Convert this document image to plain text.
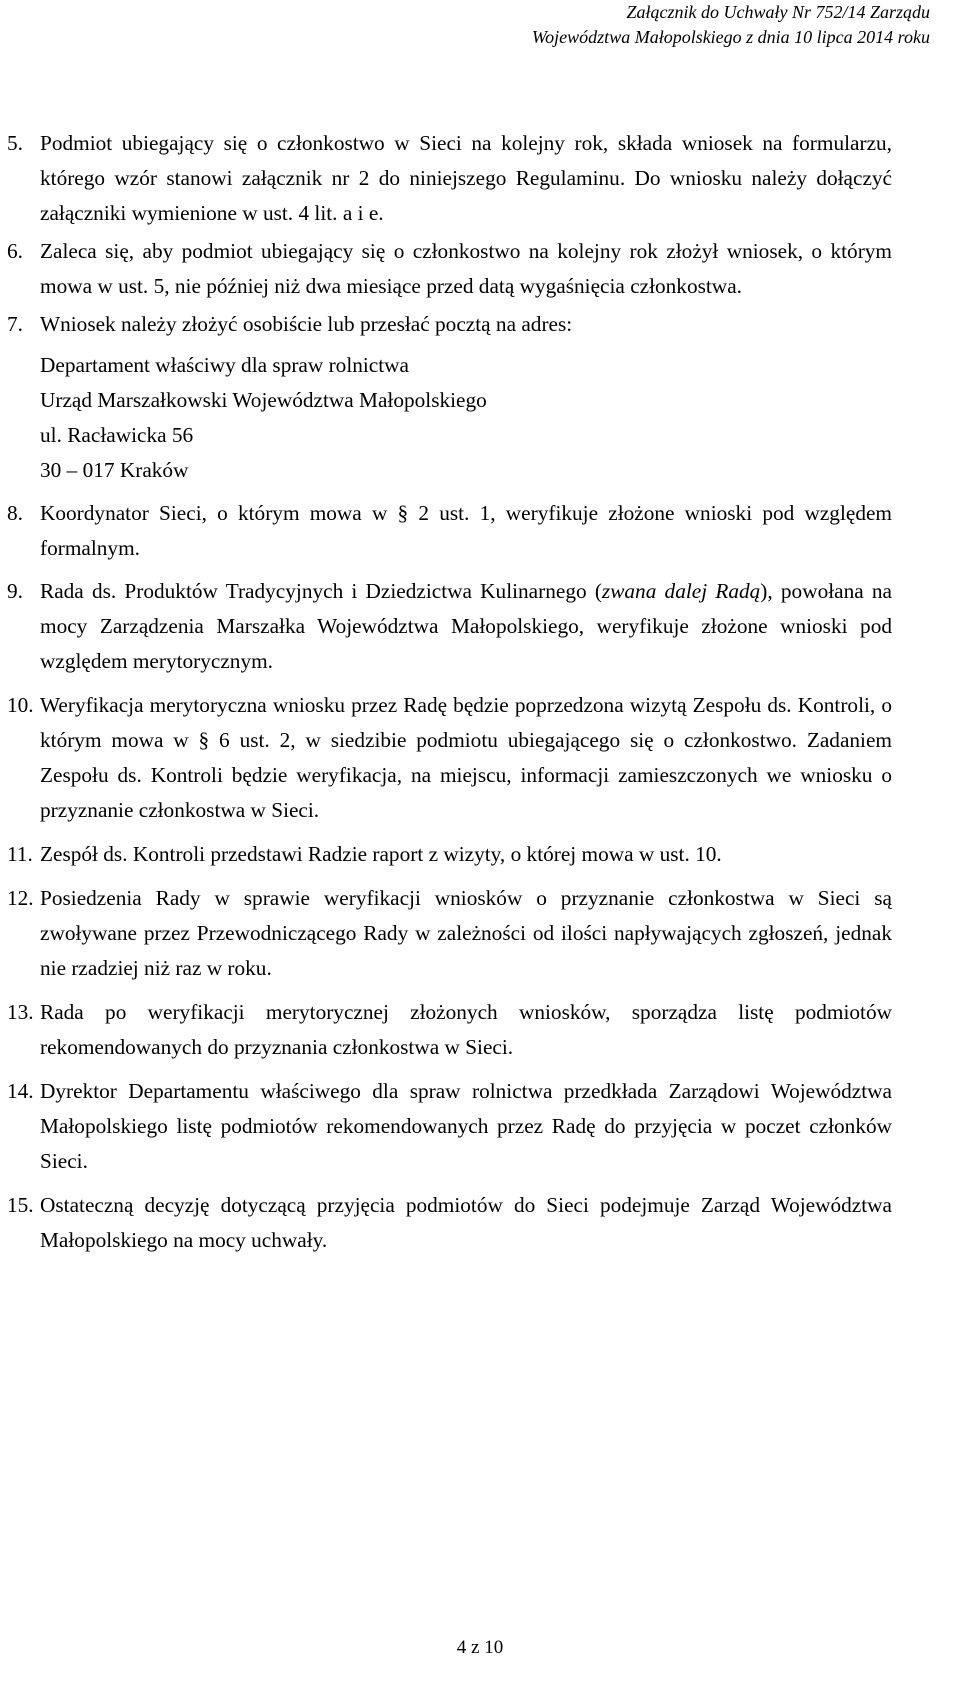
Załącznik do Uchwały Nr 752/14 Zarządu
Województwa Małopolskiego z dnia 10 lipca 2014 roku
5. Podmiot ubiegający się o członkostwo w Sieci na kolejny rok, składa wniosek na formularzu, którego wzór stanowi załącznik nr 2 do niniejszego Regulaminu. Do wniosku należy dołączyć załączniki wymienione w ust. 4 lit. a i e.
6. Zaleca się, aby podmiot ubiegający się o członkostwo na kolejny rok złożył wniosek, o którym mowa w ust. 5, nie później niż dwa miesiące przed datą wygaśnięcia członkostwa.
7. Wniosek należy złożyć osobiście lub przesłać pocztą na adres:
Departament właściwy dla spraw rolnictwa
Urząd Marszałkowski Województwa Małopolskiego
ul. Racławicka 56
30 – 017 Kraków
8. Koordynator Sieci, o którym mowa w § 2 ust. 1, weryfikuje złożone wnioski pod względem formalnym.
9. Rada ds. Produktów Tradycyjnych i Dziedzictwa Kulinarnego (zwana dalej Radą), powołana na mocy Zarządzenia Marszałka Województwa Małopolskiego, weryfikuje złożone wnioski pod względem merytorycznym.
10. Weryfikacja merytoryczna wniosku przez Radę będzie poprzedzona wizytą Zespołu ds. Kontroli, o którym mowa w § 6 ust. 2, w siedzibie podmiotu ubiegającego się o członkostwo. Zadaniem Zespołu ds. Kontroli będzie weryfikacja, na miejscu, informacji zamieszczonych we wniosku o przyznanie członkostwa w Sieci.
11. Zespół ds. Kontroli przedstawi Radzie raport z wizyty, o której mowa w ust. 10.
12. Posiedzenia Rady w sprawie weryfikacji wniosków o przyznanie członkostwa w Sieci są zwoływane przez Przewodniczącego Rady w zależności od ilości napływających zgłoszeń, jednak nie rzadziej niż raz w roku.
13. Rada po weryfikacji merytorycznej złożonych wniosków, sporządza listę podmiotów rekomendowanych do przyznania członkostwa w Sieci.
14. Dyrektor Departamentu właściwego dla spraw rolnictwa przedkłada Zarządowi Województwa Małopolskiego listę podmiotów rekomendowanych przez Radę do przyjęcia w poczet członków Sieci.
15. Ostateczną decyzję dotyczącą przyjęcia podmiotów do Sieci podejmuje Zarząd Województwa Małopolskiego na mocy uchwały.
4 z 10
